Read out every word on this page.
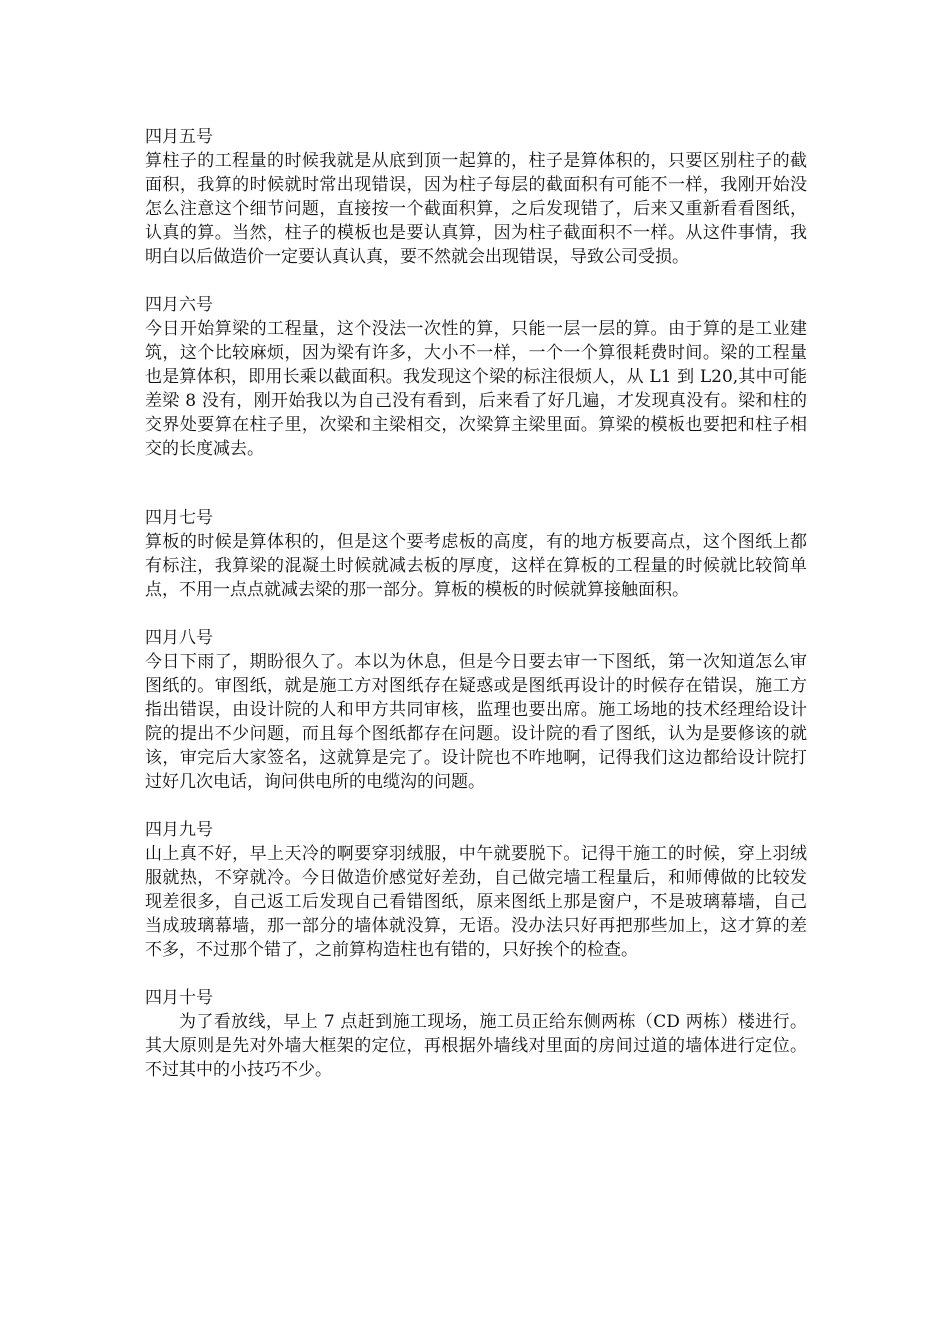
四月五号

算柱子的工程量的时候我就是从底到顶一起算的，柱子是算体积的，只要区别柱子的截面积，我算的时候就时常出现错误，因为柱子每层的截面积有可能不一样，我刚开始没怎么注意这个细节问题，直接按一个截面积算，之后发现错了，后来又重新看看图纸，认真的算。当然，柱子的模板也是要认真算，因为柱子截面积不一样。从这件事情，我明白以后做造价一定要认真认真，要不然就会出现错误，导致公司受损。

四月六号

今日开始算梁的工程量，这个没法一次性的算，只能一层一层的算。由于算的是工业建筑，这个比较麻烦，因为梁有许多，大小不一样，一个一个算很耗费时间。梁的工程量也是算体积，即用长乘以截面积。我发现这个梁的标注很烦人，从 L1 到 L20,其中可能差梁 8 没有，刚开始我以为自己没有看到，后来看了好几遍，才发现真没有。梁和柱的交界处要算在柱子里，次梁和主梁相交，次梁算主梁里面。算梁的模板也要把和柱子相交的长度减去。

四月七号

算板的时候是算体积的，但是这个要考虑板的高度，有的地方板要高点，这个图纸上都有标注，我算梁的混凝土时候就减去板的厚度，这样在算板的工程量的时候就比较简单点，不用一点点就减去梁的那一部分。算板的模板的时候就算接触面积。

四月八号

今日下雨了，期盼很久了。本以为休息，但是今日要去审一下图纸，第一次知道怎么审图纸的。审图纸，就是施工方对图纸存在疑惑或是图纸再设计的时候存在错误，施工方指出错误，由设计院的人和甲方共同审核，监理也要出席。施工场地的技术经理给设计院的提出不少问题，而且每个图纸都存在问题。设计院的看了图纸，认为是要修该的就该，审完后大家签名，这就算是完了。设计院也不咋地啊，记得我们这边都给设计院打过好几次电话，询问供电所的电缆沟的问题。

四月九号

山上真不好，早上天冷的啊要穿羽绒服，中午就要脱下。记得干施工的时候，穿上羽绒服就热，不穿就冷。今日做造价感觉好差劲，自己做完墙工程量后，和师傅做的比较发现差很多，自己返工后发现自己看错图纸，原来图纸上那是窗户，不是玻璃幕墙，自己当成玻璃幕墙，那一部分的墙体就没算，无语。没办法只好再把那些加上，这才算的差不多，不过那个错了，之前算构造柱也有错的，只好挨个的检查。

四月十号

为了看放线，早上 7 点赶到施工现场，施工员正给东侧两栋（CD 两栋）楼进行。其大原则是先对外墙大框架的定位，再根据外墙线对里面的房间过道的墙体进行定位。不过其中的小技巧不少。
